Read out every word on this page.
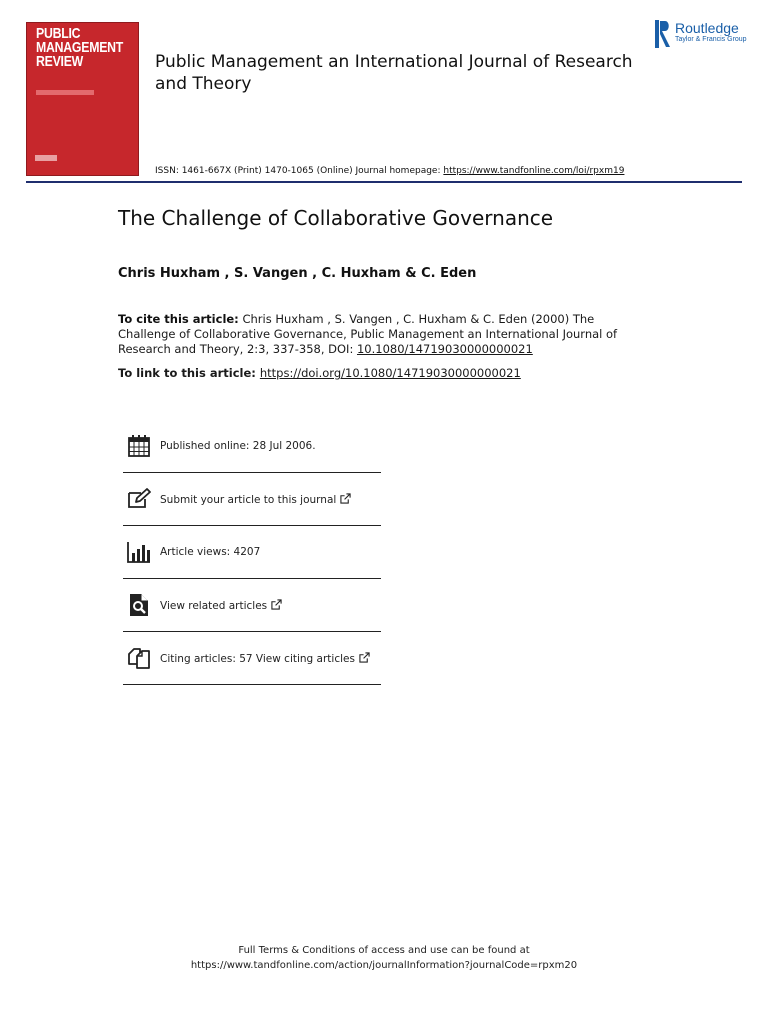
PUBLIC
MANAGEMENT
REVIEW	Public Management an International Journal of Research and Theory
ISSN: 1461-667X (Print) 1470-1065 (Online) Journal homepage: https://www.tandfonline.com/loi/rpxm19
Routledge
Taylor & Francis Group
The Challenge of Collaborative Governance
Chris Huxham , S. Vangen , C. Huxham & C. Eden
To cite this article: Chris Huxham , S. Vangen , C. Huxham & C. Eden (2000) The Challenge of Collaborative Governance, Public Management an International Journal of Research and Theory, 2:3, 337-358, DOI: 10.1080/14719030000000021
To link to this article: https://doi.org/10.1080/14719030000000021
Published online: 28 Jul 2006.
Submit your article to this journal
Article views: 4207
View related articles
Citing articles: 57 View citing articles
Full Terms & Conditions of access and use can be found at
https://www.tandfonline.com/action/journalInformation?journalCode=rpxm20
